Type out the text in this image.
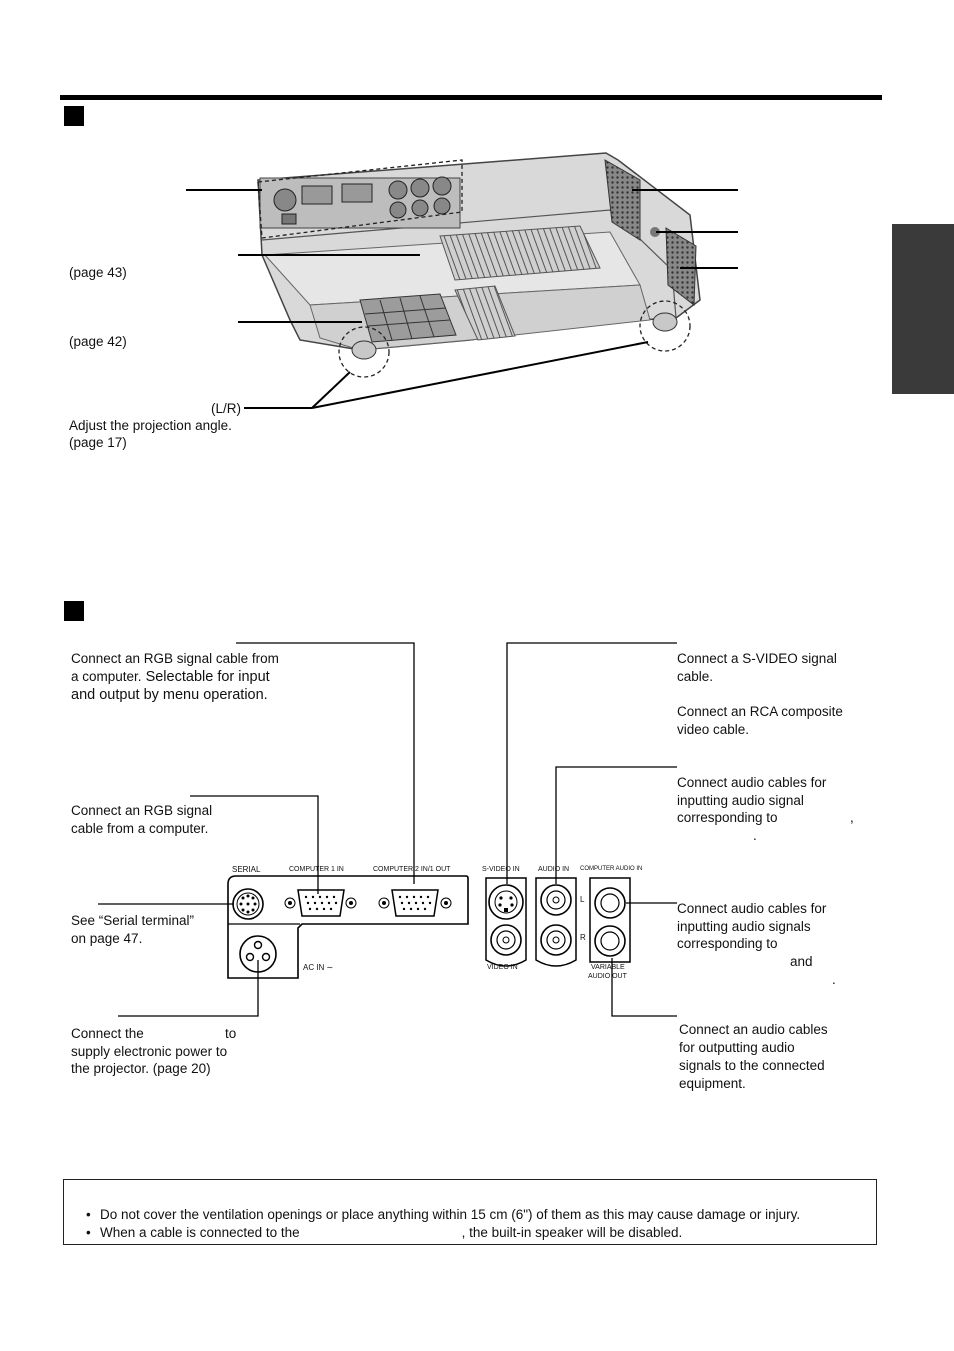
(page 43)
(page 42)
(L/R)
Adjust the projection angle.
(page 17)
SERIAL	COMPUTER 1 IN	COMPUTER 2 IN/1 OUT	S-VIDEO IN	AUDIO IN COMPUTER AUDIO IN
AC IN ∼	VIDEO IN	VARIABLE
AUDIO OUT
L
R
Connect an RGB signal cable from
a computer. Selectable for input
and output by menu operation.
Connect an RGB signal
cable from a computer.
See “Serial terminal”
on page 47.
Connect the	to
supply electronic power to
the projector. (page 20)
Connect a S-VIDEO signal
cable.
Connect an RCA composite
video cable.
Connect audio cables for
inputting audio signal
corresponding to	,
.
Connect audio cables for
inputting audio signals
corresponding to
and
.
Connect an audio cables
for outputting audio
signals to the connected
equipment.
• Do not cover the ventilation openings or place anything within 15 cm (6") of them as this may cause damage or injury.
• When a cable is connected to the	, the built-in speaker will be disabled.
